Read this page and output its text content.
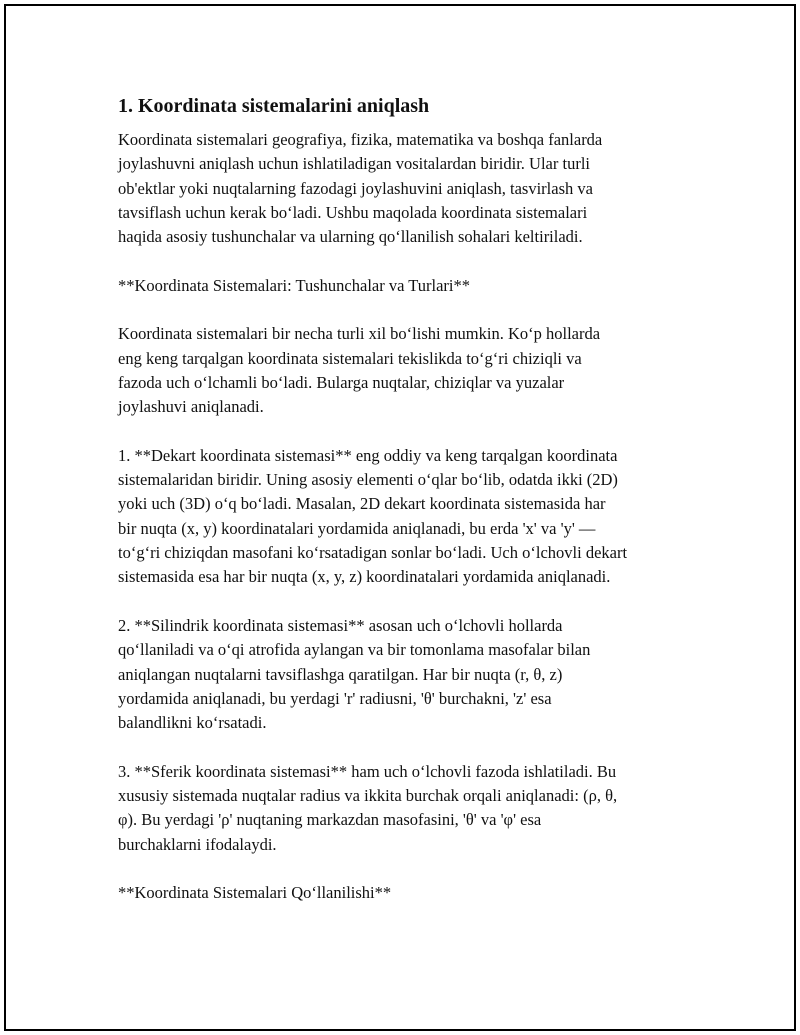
1. Koordinata sistemalarini aniqlash

Koordinata sistemalari geografiya, fizika, matematika va boshqa fanlarda
joylashuvni aniqlash uchun ishlatiladigan vositalardan biridir. Ular turli
ob'ektlar yoki nuqtalarning fazodagi joylashuvini aniqlash, tasvirlash va
tavsiflash uchun kerak bo‘ladi. Ushbu maqolada koordinata sistemalari
haqida asosiy tushunchalar va ularning qo‘llanilish sohalari keltiriladi.

**Koordinata Sistemalari: Tushunchalar va Turlari**

Koordinata sistemalari bir necha turli xil bo‘lishi mumkin. Ko‘p hollarda
eng keng tarqalgan koordinata sistemalari tekislikda to‘g‘ri chiziqli va
fazoda uch o‘lchamli bo‘ladi. Bularga nuqtalar, chiziqlar va yuzalar
joylashuvi aniqlanadi.

1. **Dekart koordinata sistemasi** eng oddiy va keng tarqalgan koordinata
sistemalaridan biridir. Uning asosiy elementi o‘qlar bo‘lib, odatda ikki (2D)
yoki uch (3D) o‘q bo‘ladi. Masalan, 2D dekart koordinata sistemasida har
bir nuqta (x, y) koordinatalari yordamida aniqlanadi, bu erda 'x' va 'y' —
to‘g‘ri chiziqdan masofani ko‘rsatadigan sonlar bo‘ladi. Uch o‘lchovli dekart
sistemasida esa har bir nuqta (x, y, z) koordinatalari yordamida aniqlanadi.

2. **Silindrik koordinata sistemasi** asosan uch o‘lchovli hollarda
qo‘llaniladi va o‘qi atrofida aylangan va bir tomonlama masofalar bilan
aniqlangan nuqtalarni tavsiflashga qaratilgan. Har bir nuqta (r, θ, z)
yordamida aniqlanadi, bu yerdagi 'r' radiusni, 'θ' burchakni, 'z' esa
balandlikni ko‘rsatadi.

3. **Sferik koordinata sistemasi** ham uch o‘lchovli fazoda ishlatiladi. Bu
xususiy sistemada nuqtalar radius va ikkita burchak orqali aniqlanadi: (ρ, θ,
φ). Bu yerdagi 'ρ' nuqtaning markazdan masofasini, 'θ' va 'φ' esa
burchaklarni ifodalaydi.

**Koordinata Sistemalari Qo‘llanilishi**
